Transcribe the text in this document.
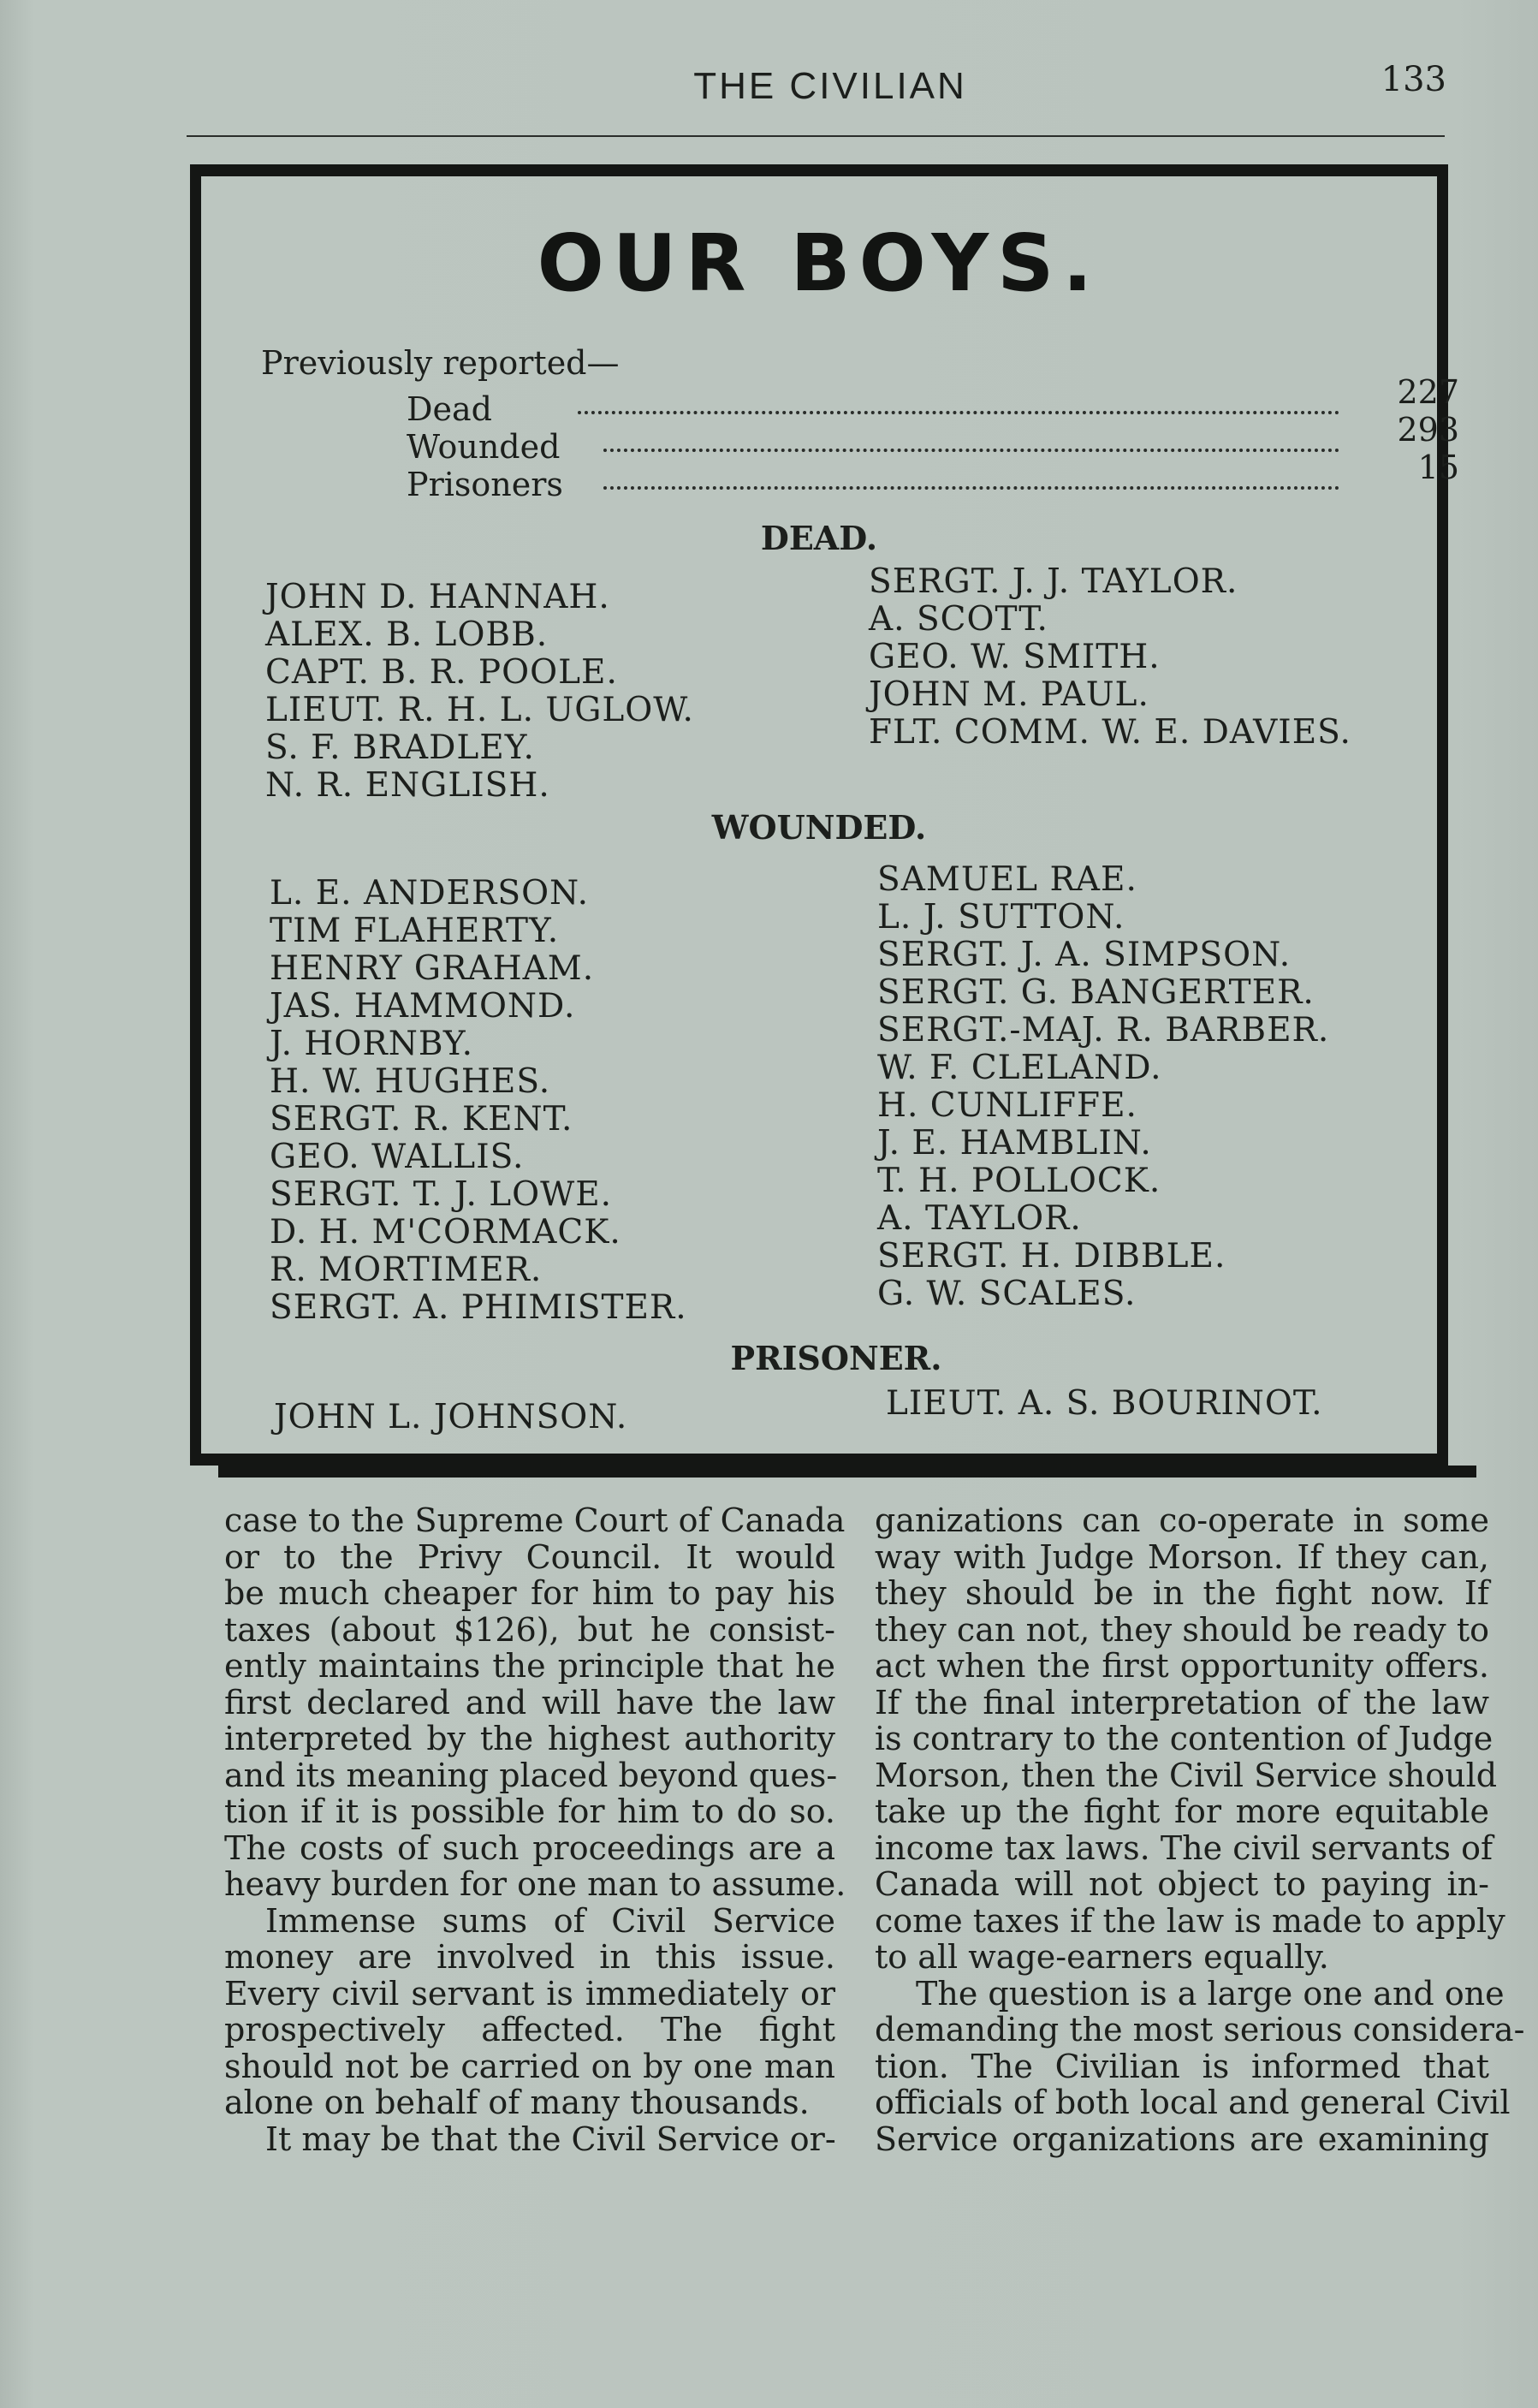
THE CIVILIAN	133
OUR BOYS.
Previously reported—
Dead	227
Wounded	293
Prisoners	15
DEAD.
JOHN D. HANNAH.
ALEX. B. LOBB.
CAPT. B. R. POOLE.
LIEUT. R. H. L. UGLOW.
S. F. BRADLEY.
N. R. ENGLISH.
SERGT. J. J. TAYLOR.
A. SCOTT.
GEO. W. SMITH.
JOHN M. PAUL.
FLT. COMM. W. E. DAVIES.
WOUNDED.
L. E. ANDERSON.
TIM FLAHERTY.
HENRY GRAHAM.
JAS. HAMMOND.
J. HORNBY.
H. W. HUGHES.
SERGT. R. KENT.
GEO. WALLIS.
SERGT. T. J. LOWE.
D. H. M'CORMACK.
R. MORTIMER.
SERGT. A. PHIMISTER.
SAMUEL RAE.
L. J. SUTTON.
SERGT. J. A. SIMPSON.
SERGT. G. BANGERTER.
SERGT.-MAJ. R. BARBER.
W. F. CLELAND.
H. CUNLIFFE.
J. E. HAMBLIN.
T. H. POLLOCK.
A. TAYLOR.
SERGT. H. DIBBLE.
G. W. SCALES.
PRISONER.
JOHN L. JOHNSON.	LIEUT. A. S. BOURINOT.
case to the Supreme Court of Canada
or to the Privy Council. It would
be much cheaper for him to pay his
taxes (about $126), but he consist-
ently maintains the principle that he
first declared and will have the law
interpreted by the highest authority
and its meaning placed beyond ques-
tion if it is possible for him to do so.
The costs of such proceedings are a
heavy burden for one man to assume.
Immense sums of Civil Service
money are involved in this issue.
Every civil servant is immediately or
prospectively affected. The fight
should not be carried on by one man
alone on behalf of many thousands.
It may be that the Civil Service or-
ganizations can co-operate in some
way with Judge Morson. If they can,
they should be in the fight now. If
they can not, they should be ready to
act when the first opportunity offers.
If the final interpretation of the law
is contrary to the contention of Judge
Morson, then the Civil Service should
take up the fight for more equitable
income tax laws. The civil servants of
Canada will not object to paying in-
come taxes if the law is made to apply
to all wage-earners equally.
The question is a large one and one
demanding the most serious considera-
tion. The Civilian is informed that
officials of both local and general Civil
Service organizations are examining
